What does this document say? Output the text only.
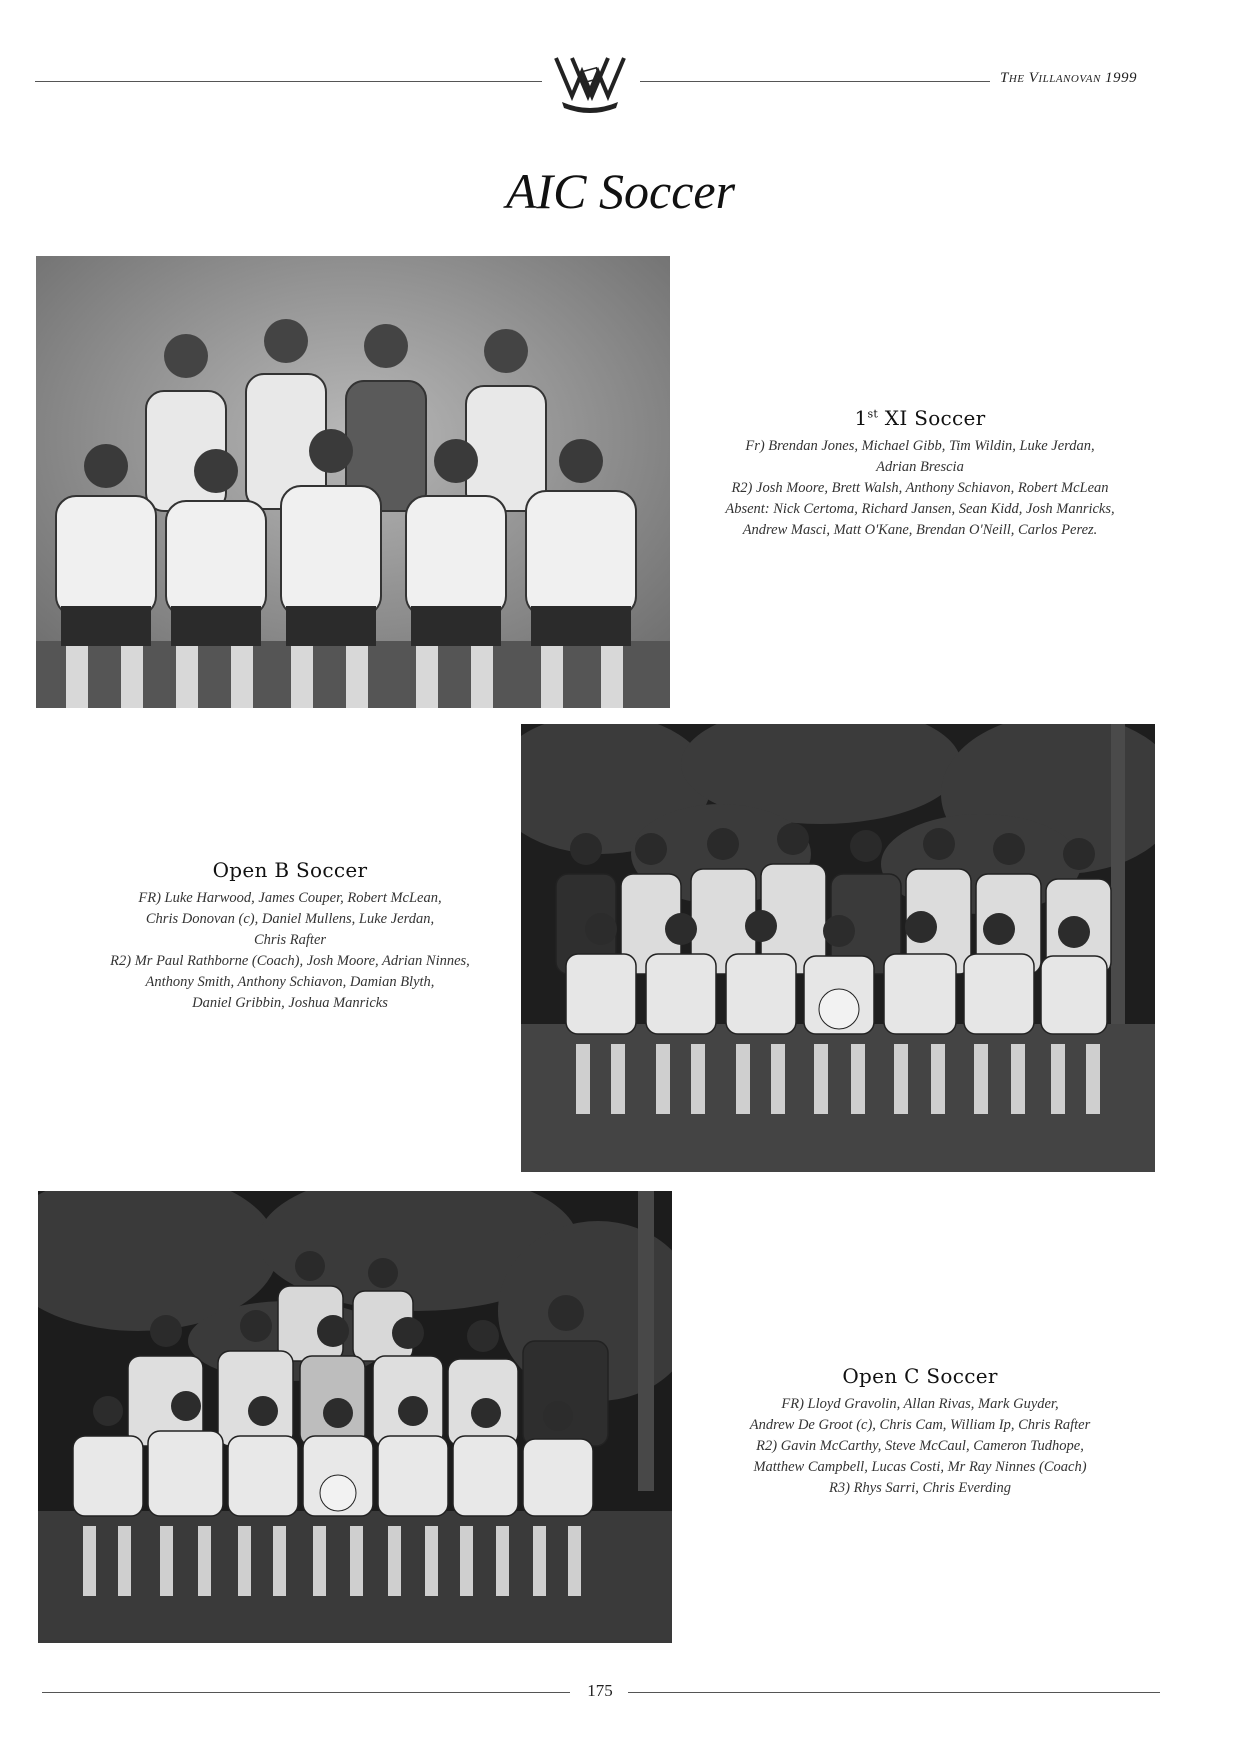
The Villanovan 1999
AIC Soccer
1st XI Soccer

Fr) Brendan Jones, Michael Gibb, Tim Wildin, Luke Jerdan,

Adrian Brescia

R2) Josh Moore, Brett Walsh, Anthony Schiavon, Robert McLean

Absent: Nick Certoma, Richard Jansen, Sean Kidd, Josh Manricks,

Andrew Masci, Matt O'Kane, Brendan O'Neill, Carlos Perez.

Open B Soccer

FR) Luke Harwood, James Couper, Robert McLean,

Chris Donovan (c), Daniel Mullens, Luke Jerdan,

Chris Rafter

R2) Mr Paul Rathborne (Coach), Josh Moore, Adrian Ninnes,

Anthony Smith, Anthony Schiavon, Damian Blyth,

Daniel Gribbin, Joshua Manricks

Open C Soccer

FR) Lloyd Gravolin, Allan Rivas, Mark Guyder,

Andrew De Groot (c), Chris Cam, William Ip, Chris Rafter

R2) Gavin McCarthy, Steve McCaul, Cameron Tudhope,

Matthew Campbell, Lucas Costi, Mr Ray Ninnes (Coach)

R3) Rhys Sarri, Chris Everding

175
